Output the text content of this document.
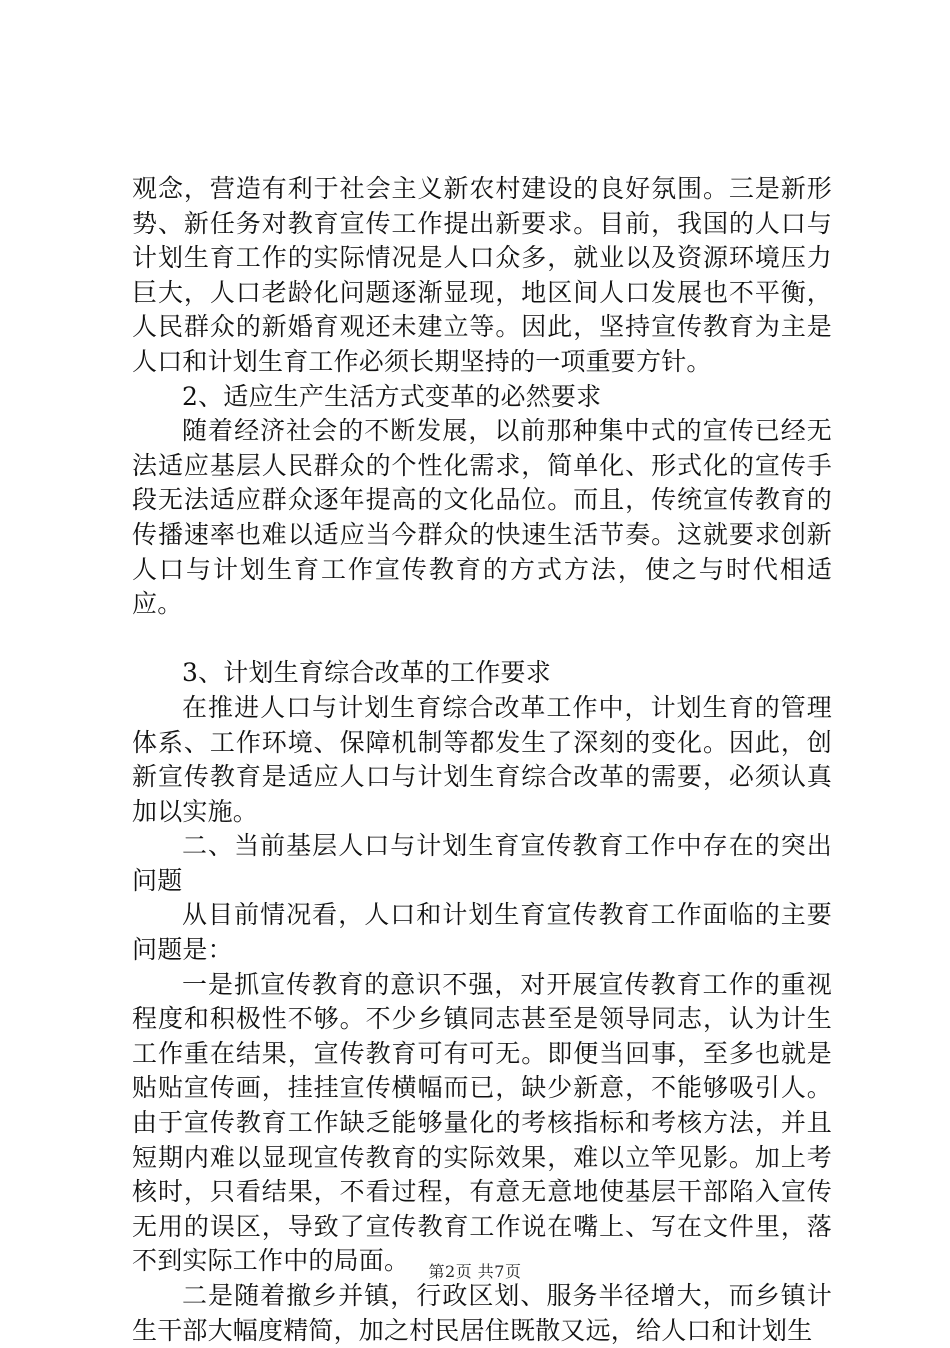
观念，营造有利于社会主义新农村建设的良好氛围。三是新形势、新任务对教育宣传工作提出新要求。目前，我国的人口与计划生育工作的实际情况是人口众多，就业以及资源环境压力巨大，人口老龄化问题逐渐显现，地区间人口发展也不平衡，人民群众的新婚育观还未建立等。因此，坚持宣传教育为主是人口和计划生育工作必须长期坚持的一项重要方针。

2、适应生产生活方式变革的必然要求

随着经济社会的不断发展，以前那种集中式的宣传已经无法适应基层人民群众的个性化需求，简单化、形式化的宣传手段无法适应群众逐年提高的文化品位。而且，传统宣传教育的传播速率也难以适应当今群众的快速生活节奏。这就要求创新人口与计划生育工作宣传教育的方式方法，使之与时代相适应。

3、计划生育综合改革的工作要求

在推进人口与计划生育综合改革工作中，计划生育的管理体系、工作环境、保障机制等都发生了深刻的变化。因此，创新宣传教育是适应人口与计划生育综合改革的需要，必须认真加以实施。

二、当前基层人口与计划生育宣传教育工作中存在的突出问题

从目前情况看，人口和计划生育宣传教育工作面临的主要问题是：

一是抓宣传教育的意识不强，对开展宣传教育工作的重视程度和积极性不够。不少乡镇同志甚至是领导同志，认为计生工作重在结果，宣传教育可有可无。即便当回事，至多也就是贴贴宣传画，挂挂宣传横幅而已，缺少新意，不能够吸引人。由于宣传教育工作缺乏能够量化的考核指标和考核方法，并且短期内难以显现宣传教育的实际效果，难以立竿见影。加上考核时，只看结果，不看过程，有意无意地使基层干部陷入宣传无用的误区，导致了宣传教育工作说在嘴上、写在文件里，落不到实际工作中的局面。

二是随着撤乡并镇，行政区划、服务半径增大，而乡镇计生干部大幅度精简，加之村民居住既散又远，给人口和计划生

第2页 共7页
